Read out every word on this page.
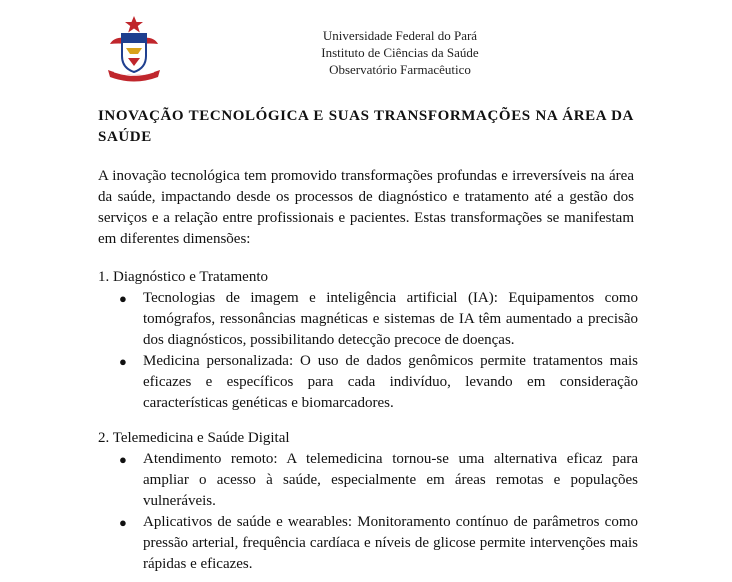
Universidade Federal do Pará
Instituto de Ciências da Saúde
Observatório Farmacêutico
INOVAÇÃO TECNOLÓGICA E SUAS TRANSFORMAÇÕES NA ÁREA DA SAÚDE

A inovação tecnológica tem promovido transformações profundas e irreversíveis na área da saúde, impactando desde os processos de diagnóstico e tratamento até a gestão dos serviços e a relação entre profissionais e pacientes. Estas transformações se manifestam em diferentes dimensões:

1. Diagnóstico e Tratamento
● Tecnologias de imagem e inteligência artificial (IA): Equipamentos como tomógrafos, ressonâncias magnéticas e sistemas de IA têm aumentado a precisão dos diagnósticos, possibilitando detecção precoce de doenças.
● Medicina personalizada: O uso de dados genômicos permite tratamentos mais eficazes e específicos para cada indivíduo, levando em consideração características genéticas e biomarcadores.
2. Telemedicina e Saúde Digital
● Atendimento remoto: A telemedicina tornou-se uma alternativa eficaz para ampliar o acesso à saúde, especialmente em áreas remotas e populações vulneráveis.
● Aplicativos de saúde e wearables: Monitoramento contínuo de parâmetros como pressão arterial, frequência cardíaca e níveis de glicose permite intervenções mais rápidas e eficazes.
